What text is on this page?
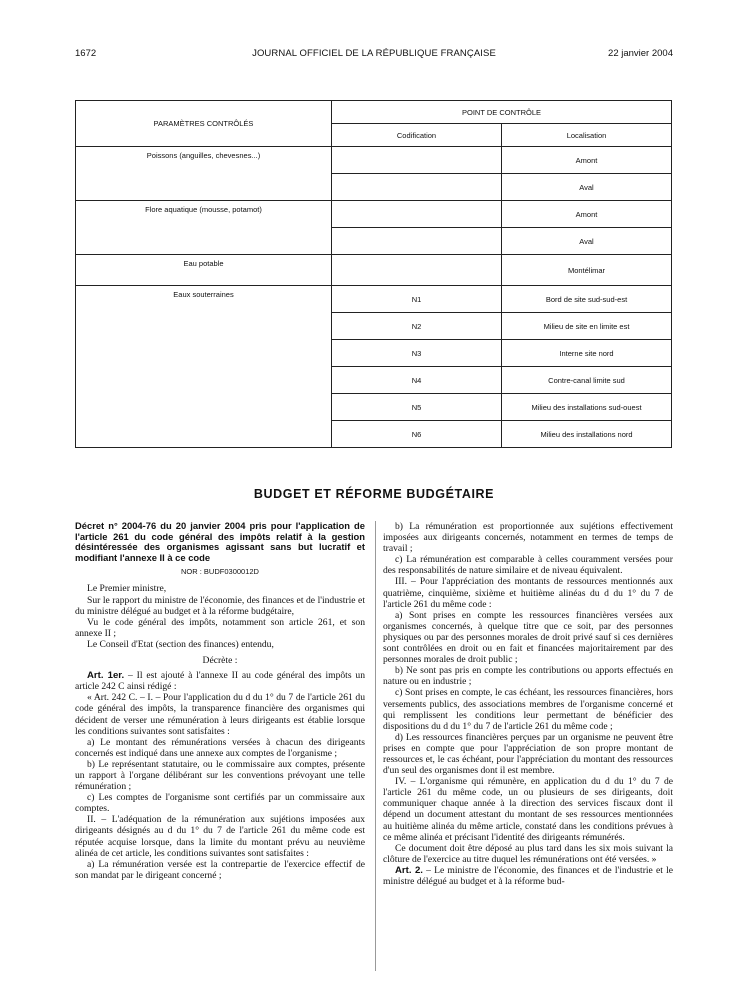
1672	JOURNAL OFFICIEL DE LA RÉPUBLIQUE FRANÇAISE	22 janvier 2004
PARAMÈTRES CONTRÔLÉS	POINT DE CONTRÔLE	
	Codification	Localisation
Poissons (anguilles, chevesnes...)		Amont
		Aval
Flore aquatique (mousse, potamot)		Amont
		Aval
Eau potable		Montélimar
Eaux souterraines	N1	Bord de site sud-sud-est
	N2	Milieu de site en limite est
	N3	Interne site nord
	N4	Contre-canal limite sud
	N5	Milieu des installations sud-ouest
	N6	Milieu des installations nord
BUDGET ET RÉFORME BUDGÉTAIRE

Décret n° 2004-76 du 20 janvier 2004 pris pour l'application de l'article 261 du code général des impôts relatif à la gestion désintéressée des organismes agissant sans but lucratif et modifiant l'annexe II à ce code

NOR : BUDF0300012D

Le Premier ministre,

Sur le rapport du ministre de l'économie, des finances et de l'industrie et du ministre délégué au budget et à la réforme budgétaire,

Vu le code général des impôts, notamment son article 261, et son annexe II ;

Le Conseil d'Etat (section des finances) entendu,

Décrète :

Art. 1er. – Il est ajouté à l'annexe II au code général des impôts un article 242 C ainsi rédigé :

« Art. 242 C. – I. – Pour l'application du d du 1° du 7 de l'article 261 du code général des impôts, la transparence financière des organismes qui décident de verser une rémunération à leurs dirigeants est établie lorsque les conditions suivantes sont satisfaites :

a) Le montant des rémunérations versées à chacun des dirigeants concernés est indiqué dans une annexe aux comptes de l'organisme ;

b) Le représentant statutaire, ou le commissaire aux comptes, présente un rapport à l'organe délibérant sur les conventions prévoyant une telle rémunération ;

c) Les comptes de l'organisme sont certifiés par un commissaire aux comptes.

II. – L'adéquation de la rémunération aux sujétions imposées aux dirigeants désignés au d du 1° du 7 de l'article 261 du même code est réputée acquise lorsque, dans la limite du montant prévu au neuvième alinéa de cet article, les conditions suivantes sont satisfaites :

a) La rémunération versée est la contrepartie de l'exercice effectif de son mandat par le dirigeant concerné ;

b) La rémunération est proportionnée aux sujétions effectivement imposées aux dirigeants concernés, notamment en termes de temps de travail ;

c) La rémunération est comparable à celles couramment versées pour des responsabilités de nature similaire et de niveau équivalent.

III. – Pour l'appréciation des montants de ressources mentionnés aux quatrième, cinquième, sixième et huitième alinéas du d du 1° du 7 de l'article 261 du même code :

a) Sont prises en compte les ressources financières versées aux organismes concernés, à quelque titre que ce soit, par des personnes physiques ou par des personnes morales de droit privé sauf si ces dernières sont contrôlées en droit ou en fait et financées majoritairement par des personnes morales de droit public ;

b) Ne sont pas pris en compte les contributions ou apports effectués en nature ou en industrie ;

c) Sont prises en compte, le cas échéant, les ressources financières, hors versements publics, des associations membres de l'organisme concerné et qui remplissent les conditions leur permettant de bénéficier des dispositions du d du 1° du 7 de l'article 261 du même code ;

d) Les ressources financières perçues par un organisme ne peuvent être prises en compte que pour l'appréciation de son propre montant de ressources et, le cas échéant, pour l'appréciation du montant des ressources d'un seul des organismes dont il est membre.

IV. – L'organisme qui rémunère, en application du d du 1° du 7 de l'article 261 du même code, un ou plusieurs de ses dirigeants, doit communiquer chaque année à la direction des services fiscaux dont il dépend un document attestant du montant de ses ressources mentionnées au huitième alinéa du même article, constaté dans les conditions prévues à ce même alinéa et précisant l'identité des dirigeants rémunérés.

Ce document doit être déposé au plus tard dans les six mois suivant la clôture de l'exercice au titre duquel les rémunérations ont été versées. »

Art. 2. – Le ministre de l'économie, des finances et de l'industrie et le ministre délégué au budget et à la réforme bud-
